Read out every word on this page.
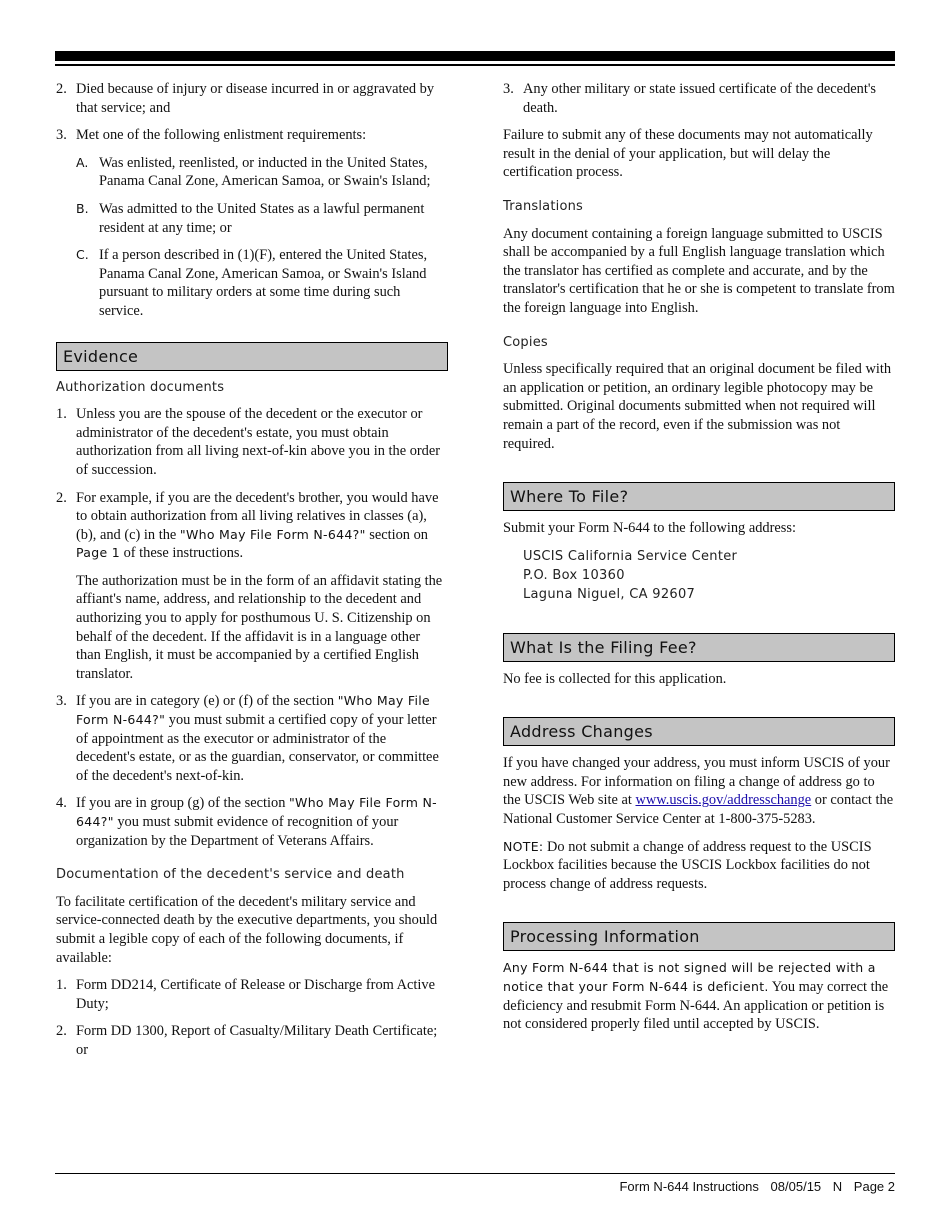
2. Died because of injury or disease incurred in or aggravated by that service; and
3. Met one of the following enlistment requirements:
A. Was enlisted, reenlisted, or inducted in the United States, Panama Canal Zone, American Samoa, or Swain's Island;
B. Was admitted to the United States as a lawful permanent resident at any time; or
C. If a person described in (1)(F), entered the United States, Panama Canal Zone, American Samoa, or Swain's Island pursuant to military orders at some time during such service.
Evidence
Authorization documents
1. Unless you are the spouse of the decedent or the executor or administrator of the decedent's estate, you must obtain authorization from all living next-of-kin above you in the order of succession.
2. For example, if you are the decedent's brother, you would have to obtain authorization from all living relatives in classes (a), (b), and (c) in the "Who May File Form N-644?" section on Page 1 of these instructions.

The authorization must be in the form of an affidavit stating the affiant's name, address, and relationship to the decedent and authorizing you to apply for posthumous U. S. Citizenship on behalf of the decedent. If the affidavit is in a language other than English, it must be accompanied by a certified English translator.

3. If you are in category (e) or (f) of the section "Who May File Form N-644?" you must submit a certified copy of your letter of appointment as the executor or administrator of the decedent's estate, or as the guardian, conservator, or committee of the decedent's next-of-kin.
4. If you are in group (g) of the section "Who May File Form N-644?" you must submit evidence of recognition of your organization by the Department of Veterans Affairs.
Documentation of the decedent's service and death

To facilitate certification of the decedent's military service and service-connected death by the executive departments, you should submit a legible copy of each of the following documents, if available:

1. Form DD214, Certificate of Release or Discharge from Active Duty;
2. Form DD 1300, Report of Casualty/Military Death Certificate; or
3. Any other military or state issued certificate of the decedent's death.

Failure to submit any of these documents may not automatically result in the denial of your application, but will delay the certification process.

Translations

Any document containing a foreign language submitted to USCIS shall be accompanied by a full English language translation which the translator has certified as complete and accurate, and by the translator's certification that he or she is competent to translate from the foreign language into English.

Copies

Unless specifically required that an original document be filed with an application or petition, an ordinary legible photocopy may be submitted. Original documents submitted when not required will remain a part of the record, even if the submission was not required.

Where To File?

Submit your Form N-644 to the following address:

USCIS California Service Center
P.O. Box 10360
Laguna Niguel, CA 92607
What Is the Filing Fee?

No fee is collected for this application.

Address Changes

If you have changed your address, you must inform USCIS of your new address. For information on filing a change of address go to the USCIS Web site at www.uscis.gov/addresschange or contact the National Customer Service Center at 1-800-375-5283.

NOTE: Do not submit a change of address request to the USCIS Lockbox facilities because the USCIS Lockbox facilities do not process change of address requests.

Processing Information

Any Form N-644 that is not signed will be rejected with a notice that your Form N-644 is deficient. You may correct the deficiency and resubmit Form N-644. An application or petition is not considered properly filed until accepted by USCIS.

Form N-644 Instructions 08/05/15 N Page 2
